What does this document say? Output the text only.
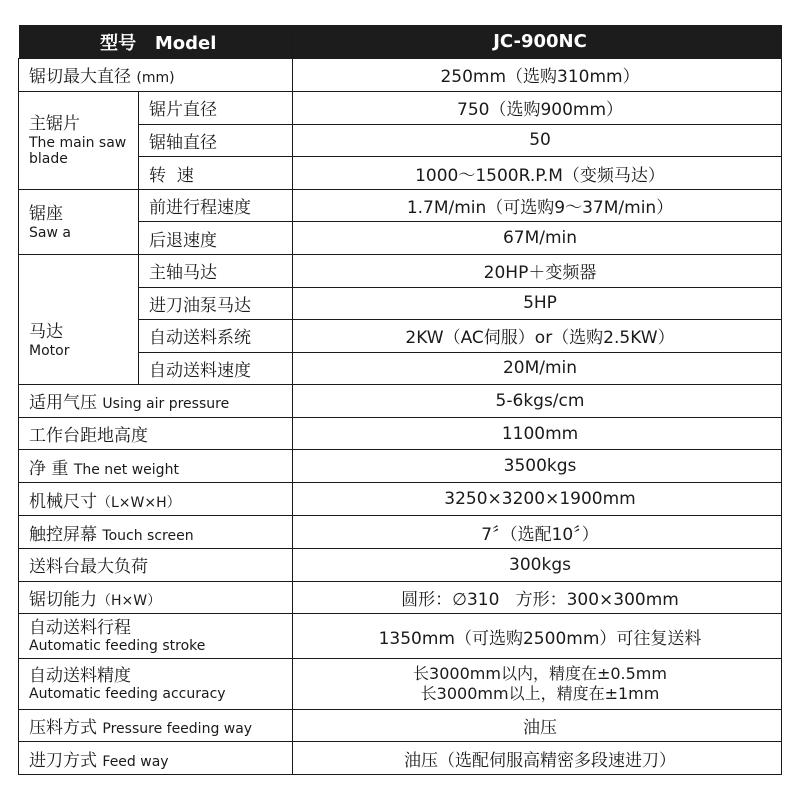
型号 Model		JC-900NC
锯切最大直径 (mm)		250mm（选购310mm）

主锯片
The main saw blade	锯片直径	750（选购900mm）
	锯轴直径	50
	转  速	1000～1500R.P.M（变频马达）

锯座
Saw a	前进行程速度	1.7M/min（可选购9～37M/min）
	后退速度	67M/min

马达
Motor	主轴马达	20HP＋变频器
	进刀油泵马达	5HP
	自动送料系统	2KW（AC伺服）or（选购2.5KW）
	自动送料速度	20M/min
适用气压 Using air pressure		5-6kgs/cm
工作台距地高度		1100mm
净 重 The net weight		3500kgs
机械尺寸（L×W×H）		3250×3200×1900mm
触控屏幕 Touch screen		7〞（选配10〞）
送料台最大负荷		300kgs
锯切能力（H×W）		圆形：∅310   方形：300×300mm

自动送料行程
Automatic feeding stroke		1350mm（可选购2500mm）可往复送料

自动送料精度
Automatic feeding accuracy		长3000mm以内，精度在±0.5mm
长3000mm以上，精度在±1mm

压料方式 Pressure feeding way		油压
进刀方式 Feed way		油压（选配伺服高精密多段速进刀）
